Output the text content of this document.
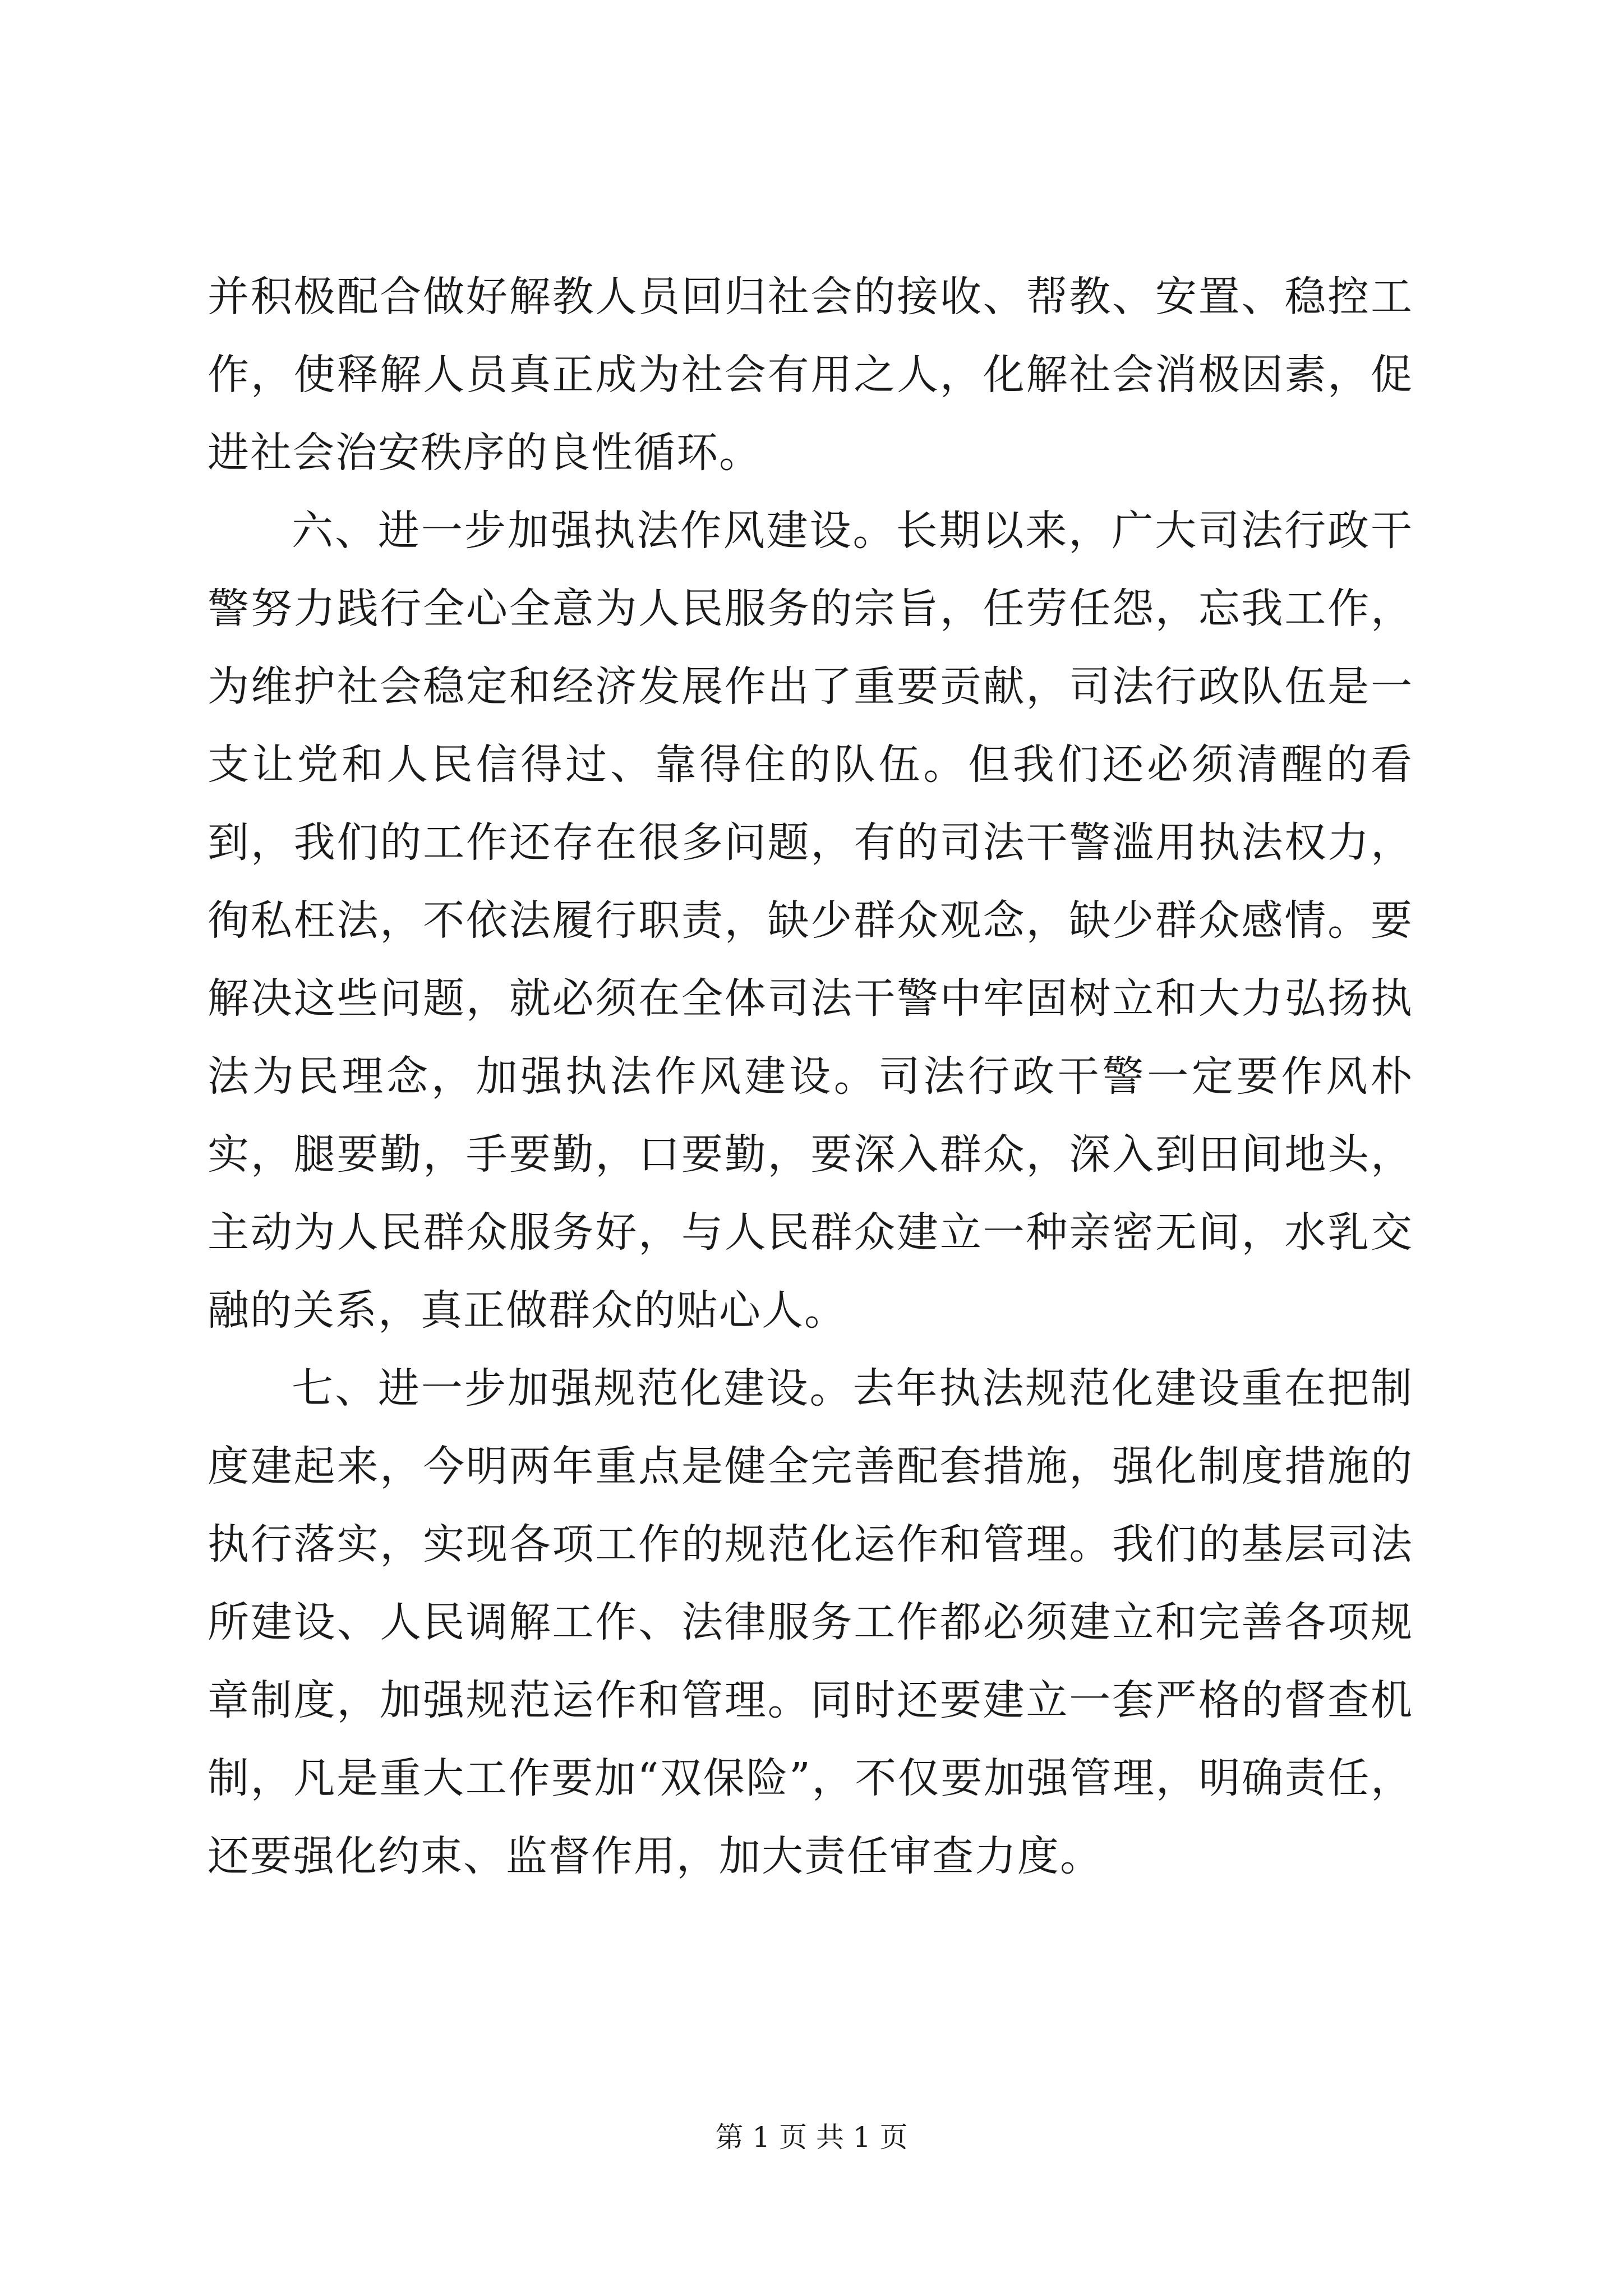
并积极配合做好解教人员回归社会的接收、帮教、安置、稳控工作，使释解人员真正成为社会有用之人，化解社会消极因素，促进社会治安秩序的良性循环。

六、进一步加强执法作风建设。长期以来，广大司法行政干警努力践行全心全意为人民服务的宗旨，任劳任怨，忘我工作，为维护社会稳定和经济发展作出了重要贡献，司法行政队伍是一支让党和人民信得过、靠得住的队伍。但我们还必须清醒的看到，我们的工作还存在很多问题，有的司法干警滥用执法权力，徇私枉法，不依法履行职责，缺少群众观念，缺少群众感情。要解决这些问题，就必须在全体司法干警中牢固树立和大力弘扬执法为民理念，加强执法作风建设。司法行政干警一定要作风朴实，腿要勤，手要勤，口要勤，要深入群众，深入到田间地头，主动为人民群众服务好，与人民群众建立一种亲密无间，水乳交融的关系，真正做群众的贴心人。

七、进一步加强规范化建设。去年执法规范化建设重在把制度建起来，今明两年重点是健全完善配套措施，强化制度措施的执行落实，实现各项工作的规范化运作和管理。我们的基层司法所建设、人民调解工作、法律服务工作都必须建立和完善各项规章制度，加强规范运作和管理。同时还要建立一套严格的督查机制，凡是重大工作要加“双保险”，不仅要加强管理，明确责任，还要强化约束、监督作用，加大责任审查力度。

第 1 页 共 1 页
